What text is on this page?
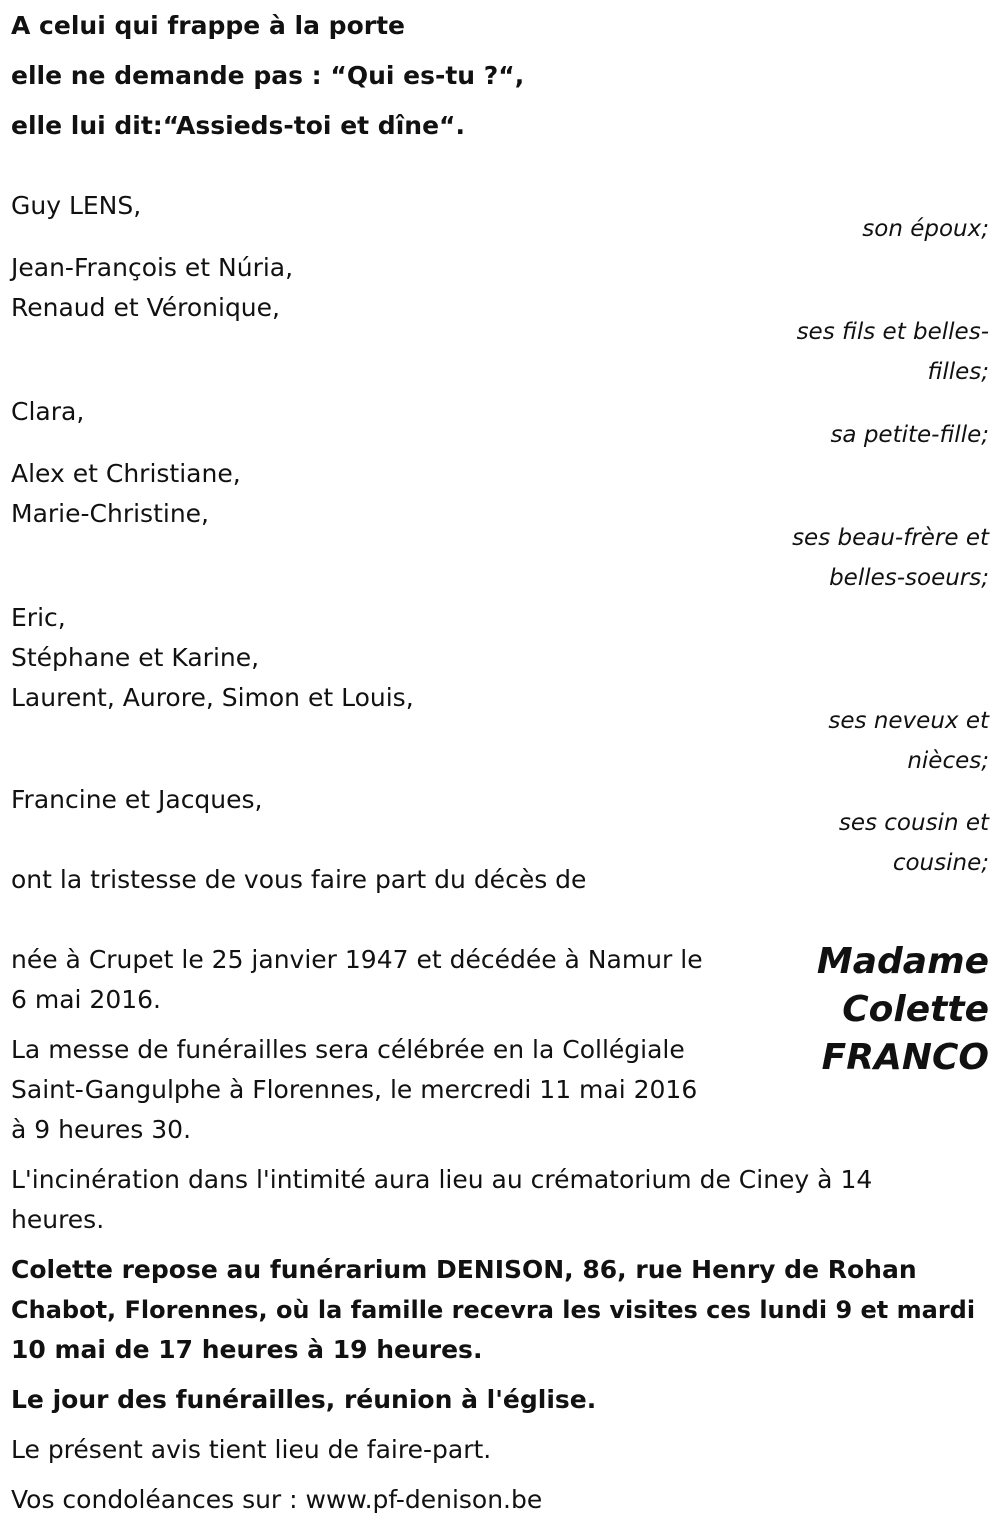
A celui qui frappe à la porte

elle ne demande pas : “Qui es-tu ?“,

elle lui dit:“Assieds-toi et dîne“.

Guy LENS,

son époux;

Jean-François et Núria,

Renaud et Véronique,

ses fils et belles-

filles;

Clara,

sa petite-fille;

Alex et Christiane,

Marie-Christine,

ses beau-frère et

belles-soeurs;

Eric,

Stéphane et Karine,

Laurent, Aurore, Simon et Louis,

ses neveux et

nièces;

Francine et Jacques,

ses cousin et

cousine;

ont la tristesse de vous faire part du décès de

Madame
Colette
FRANCO

née à Crupet le 25 janvier 1947 et décédée à Namur le

6 mai 2016.

La messe de funérailles sera célébrée en la Collégiale

Saint-Gangulphe à Florennes, le mercredi 11 mai 2016

à 9 heures 30.

L'incinération dans l'intimité aura lieu au crématorium de Ciney à 14

heures.

Colette repose au funérarium DENISON, 86, rue Henry de Rohan

Chabot, Florennes, où la famille recevra les visites ces lundi 9 et mardi

10 mai de 17 heures à 19 heures.

Le jour des funérailles, réunion à l'église.

Le présent avis tient lieu de faire-part.

Vos condoléances sur : www.pf-denison.be
